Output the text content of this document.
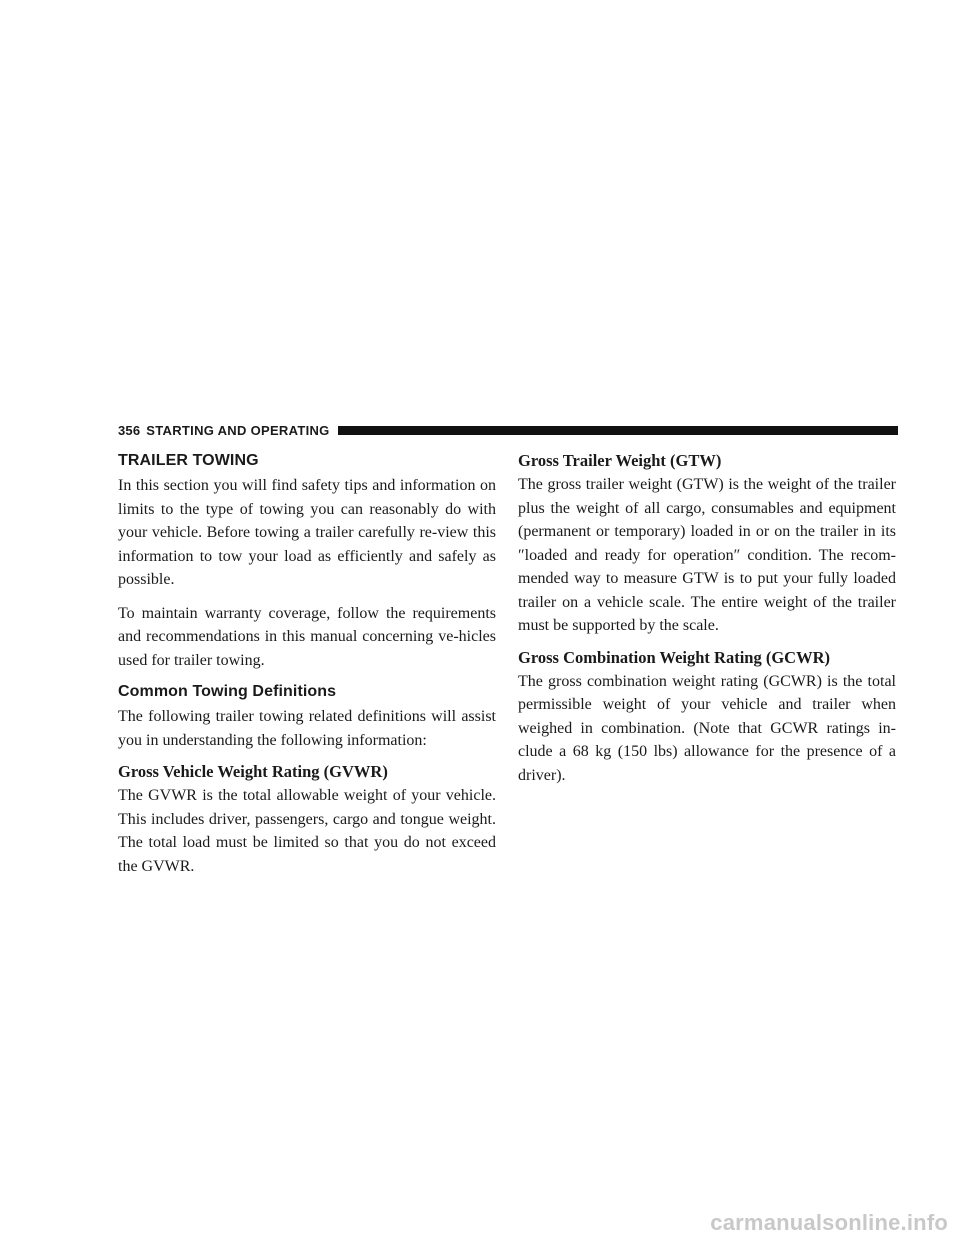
356 STARTING AND OPERATING
TRAILER TOWING

In this section you will find safety tips and information on limits to the type of towing you can reasonably do with your vehicle. Before towing a trailer carefully re-view this information to tow your load as efficiently and safely as possible.

To maintain warranty coverage, follow the requirements and recommendations in this manual concerning ve-hicles used for trailer towing.

Common Towing Definitions

The following trailer towing related definitions will assist you in understanding the following information:

Gross Vehicle Weight Rating (GVWR)

The GVWR is the total allowable weight of your vehicle. This includes driver, passengers, cargo and tongue weight. The total load must be limited so that you do not exceed the GVWR.

Gross Trailer Weight (GTW)

The gross trailer weight (GTW) is the weight of the trailer plus the weight of all cargo, consumables and equipment (permanent or temporary) loaded in or on the trailer in its ″loaded and ready for operation″ condition. The recom-mended way to measure GTW is to put your fully loaded trailer on a vehicle scale. The entire weight of the trailer must be supported by the scale.

Gross Combination Weight Rating (GCWR)

The gross combination weight rating (GCWR) is the total permissible weight of your vehicle and trailer when weighed in combination. (Note that GCWR ratings in-clude a 68 kg (150 lbs) allowance for the presence of a driver).

carmanualsonline.info
